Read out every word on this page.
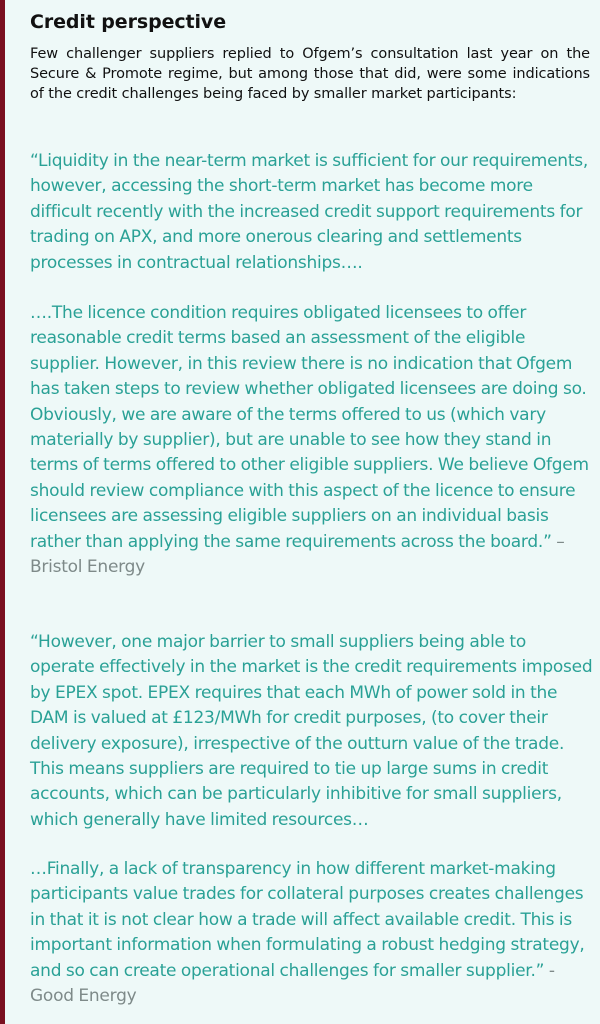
Credit perspective

Few challenger suppliers replied to Ofgem’s consultation last year on the Secure & Promote regime, but among those that did, were some indications of the credit challenges being faced by smaller market participants:

“Liquidity in the near-term market is sufficient for our requirements, however, accessing the short-term market has become more difficult recently with the increased credit support requirements for trading on APX, and more onerous clearing and settlements processes in contractual relationships….

….The licence condition requires obligated licensees to offer reasonable credit terms based an assessment of the eligible supplier. However, in this review there is no indication that Ofgem has taken steps to review whether obligated licensees are doing so. Obviously, we are aware of the terms offered to us (which vary materially by supplier), but are unable to see how they stand in terms of terms offered to other eligible suppliers. We believe Ofgem should review compliance with this aspect of the licence to ensure licensees are assessing eligible suppliers on an individual basis rather than applying the same requirements across the board.” – Bristol Energy

“However, one major barrier to small suppliers being able to operate effectively in the market is the credit requirements imposed by EPEX spot. EPEX requires that each MWh of power sold in the DAM is valued at £123/MWh for credit purposes, (to cover their delivery exposure), irrespective of the outturn value of the trade. This means suppliers are required to tie up large sums in credit accounts, which can be particularly inhibitive for small suppliers, which generally have limited resources…

…Finally, a lack of transparency in how different market-making participants value trades for collateral purposes creates challenges in that it is not clear how a trade will affect available credit. This is important information when formulating a robust hedging strategy, and so can create operational challenges for smaller supplier.” - Good Energy
